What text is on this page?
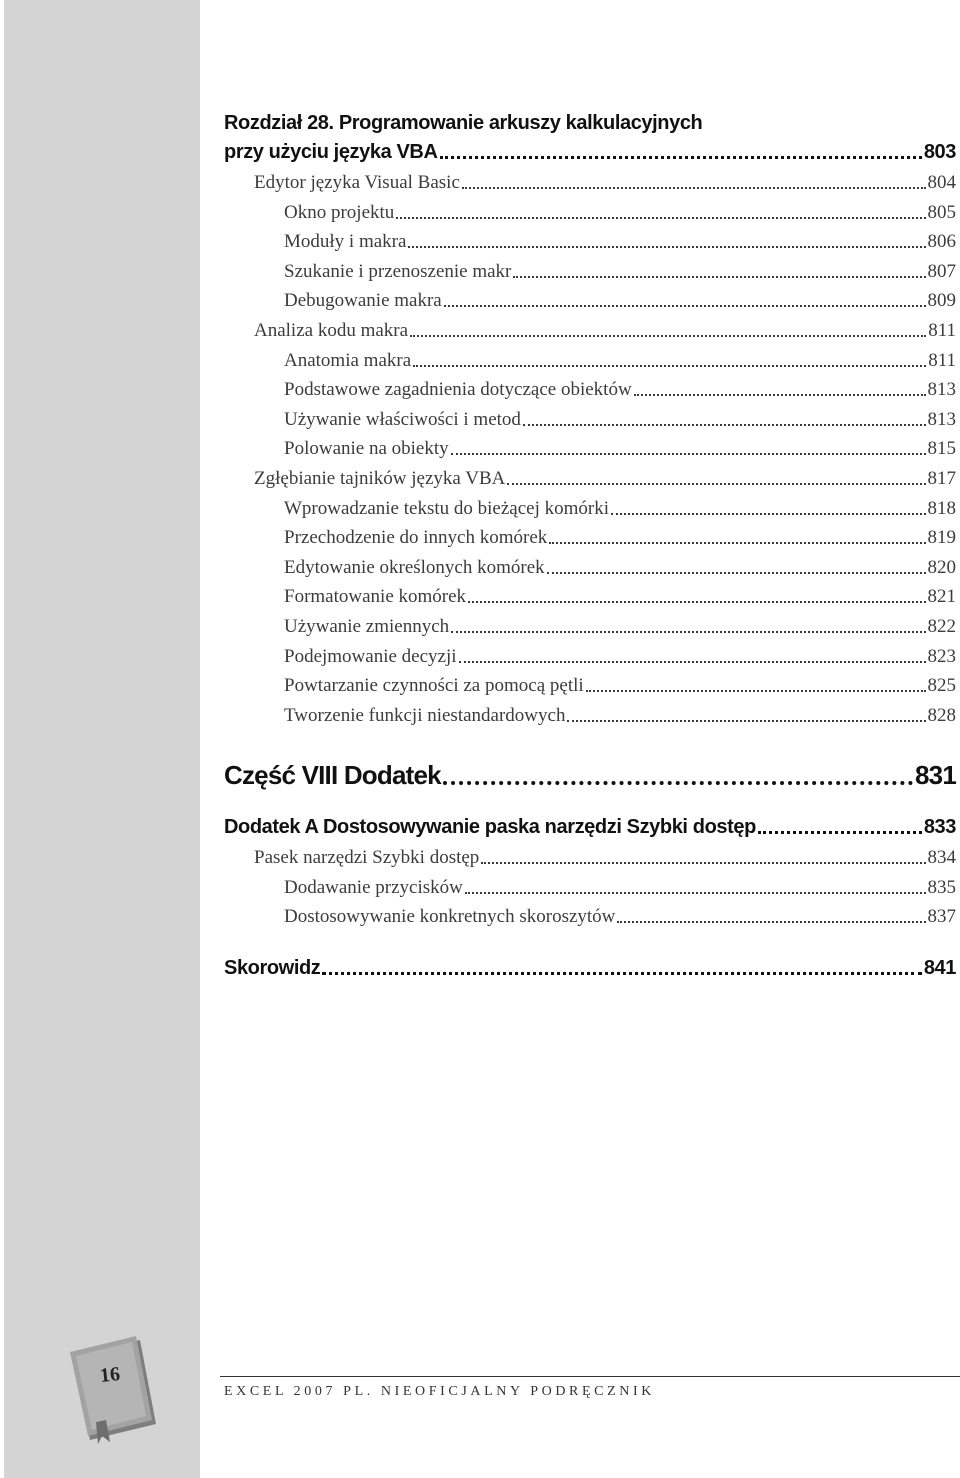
16
Rozdział 28. Programowanie arkuszy kalkulacyjnych
przy użyciu języka VBA	803
Edytor języka Visual Basic	804
Okno projektu	805
Moduły i makra	806
Szukanie i przenoszenie makr	807
Debugowanie makra	809
Analiza kodu makra	811
Anatomia makra	811
Podstawowe zagadnienia dotyczące obiektów	813
Używanie właściwości i metod	813
Polowanie na obiekty	815
Zgłębianie tajników języka VBA	817
Wprowadzanie tekstu do bieżącej komórki	818
Przechodzenie do innych komórek	819
Edytowanie określonych komórek	820
Formatowanie komórek	821
Używanie zmiennych	822
Podejmowanie decyzji	823
Powtarzanie czynności za pomocą pętli	825
Tworzenie funkcji niestandardowych	828
Część VIII Dodatek	831
Dodatek A Dostosowywanie paska narzędzi Szybki dostęp	833
Pasek narzędzi Szybki dostęp	834
Dodawanie przycisków	835
Dostosowywanie konkretnych skoroszytów	837
Skorowidz	841
EXCEL 2007 PL. NIEOFICJALNY PODRĘCZNIK
